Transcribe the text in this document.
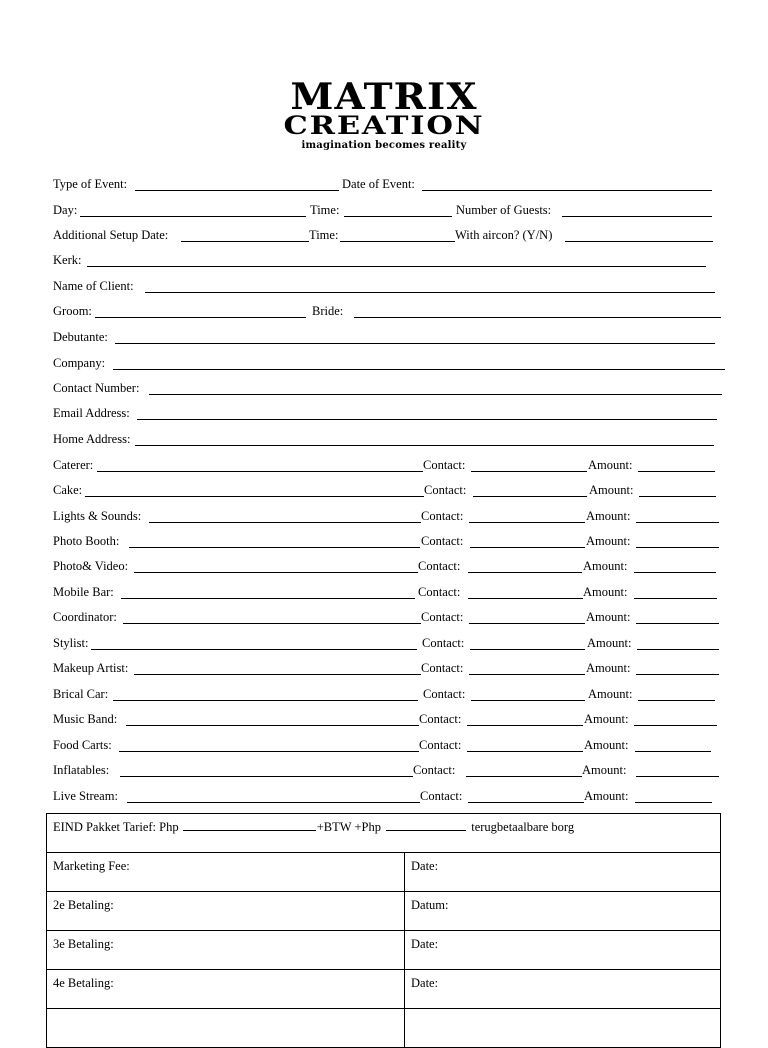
MATRIX
CREATION
imagination becomes reality
Type of Event:	Date of Event:
Day:	Time:	Number of Guests:
Additional Setup Date:	Time:	With aircon? (Y/N)
Kerk:
Name of Client:
Groom:	Bride:
Debutante:
Company:
Contact Number:
Email Address:
Home Address:
Caterer:	Contact:	Amount:
Cake:	Contact:	Amount:
Lights & Sounds:	Contact:	Amount:
Photo Booth:	Contact:	Amount:
Photo& Video:	Contact:	Amount:
Mobile Bar:	Contact:	Amount:
Coordinator:	Contact:	Amount:
Stylist:	Contact:	Amount:
Makeup Artist:	Contact:	Amount:
Brical Car:	Contact:	Amount:
Music Band:	Contact:	Amount:
Food Carts:	Contact:	Amount:
Inflatables:	Contact:	Amount:
Live Stream:	Contact:	Amount:
EIND Pakket Tarief: Php +BTW +Php terugbetaalbare borg	
Marketing Fee:	Date:
2e Betaling:	Datum:
3e Betaling:	Date:
4e Betaling:	Date:
